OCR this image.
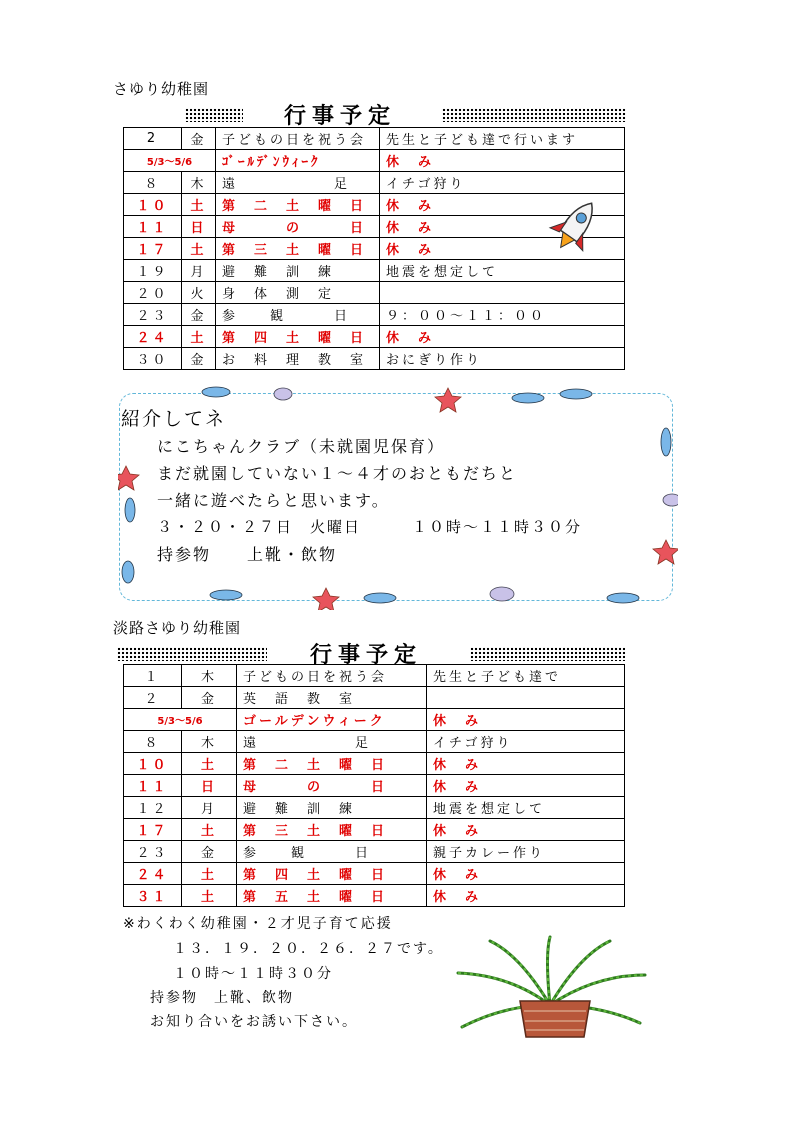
さゆり幼稚園
行事予定
2	金	子どもの日を祝う会	先生と子ども達で行います
5/3～5/6		ｺﾞｰﾙﾃﾞﾝｳｨｰｸ	休　み
８	木	遠　　　　　　足	イチゴ狩り
１０	土	第　二　土　曜　日	休　み
１１	日	母　　　の　　　日	休　み
１７	土	第　三　土　曜　日	休　み
１９	月	避　難　訓　練	地震を想定して
２０	火	身　体　測　定	
２３	金	参　　観　　　日	９：００～１１：００
２４	土	第　四　土　曜　日	休　み
３０	金	お　料　理　教　室	おにぎり作り
紹介してネ
にこちゃんクラブ（未就園児保育）
まだ就園していない１～４才のおともだちと
一緒に遊べたらと思います。
３・２０・２７日　火曜日　　　１０時～１１時３０分
持参物　　上靴・飲物
淡路さゆり幼稚園
行事予定
１	木	子どもの日を祝う会	先生と子ども達で
２	金	英　語　教　室	
5/3～5/6		ゴールデンウィーク	休　み
８	木	遠　　　　　　足	イチゴ狩り
１０	土	第　二　土　曜　日	休　み
１１	日	母　　　の　　　日	休　み
１２	月	避　難　訓　練	地震を想定して
１７	土	第　三　土　曜　日	休　み
２３	金	参　　観　　　日	親子カレー作り
２４	土	第　四　土　曜　日	休　み
３１	土	第　五　土　曜　日	休　み
※わくわく幼稚園・２才児子育て応援
１３．１９．２０．２６．２７です。
１０時～１１時３０分
持参物　上靴、飲物
お知り合いをお誘い下さい。
